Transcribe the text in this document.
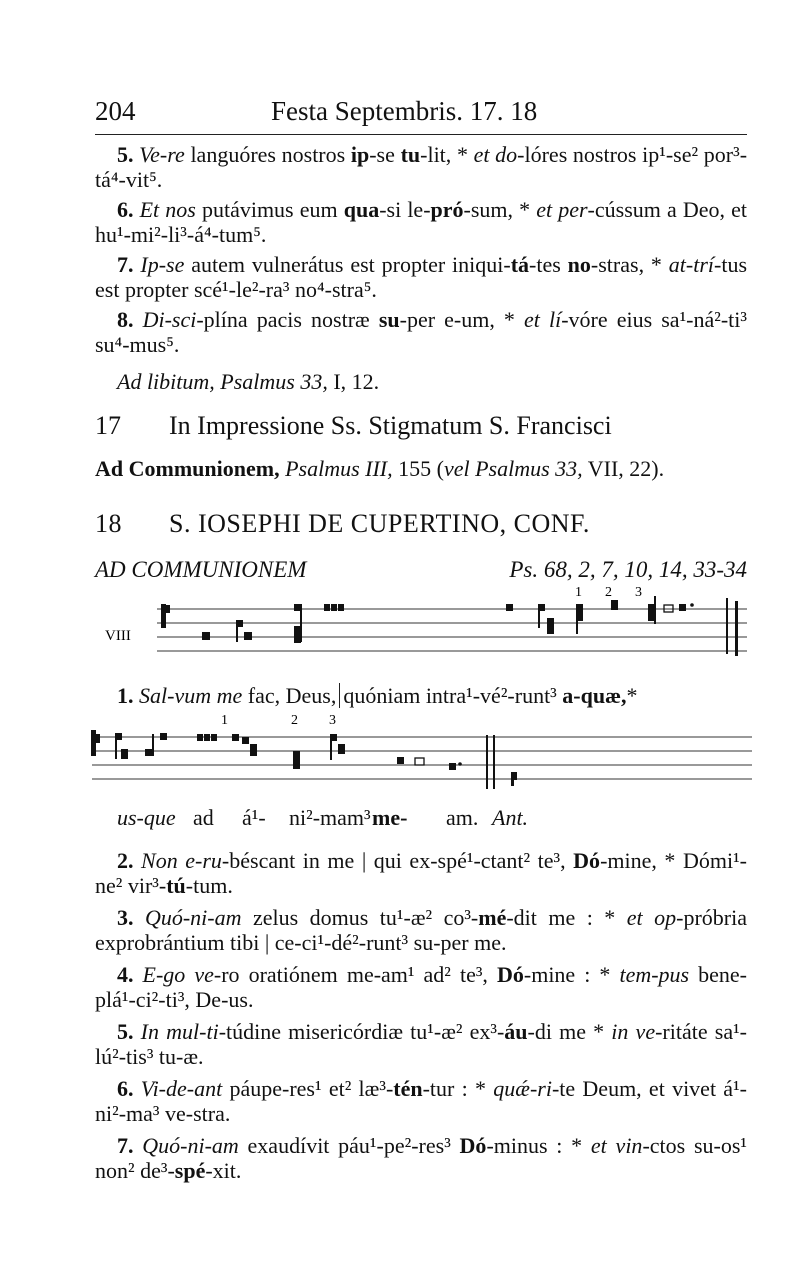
204	Festa Septembris. 17. 18

5. Ve-re languóres nostros ip-se tu-lit, * et do-lóres nostros ip¹-se² por³-tá⁴-vit⁵.

6. Et nos putávimus eum qua-si le-pró-sum, * et per-cússum a Deo, et hu¹-mi²-li³-á⁴-tum⁵.

7. Ip-se autem vulnerátus est propter iniqui-tá-tes no-stras, * at-trí-tus est propter scé¹-le²-ra³ no⁴-stra⁵.

8. Di-sci-plína pacis nostræ su-per e-um, * et lí-vóre eius sa¹-ná²-ti³ su⁴-mus⁵.

Ad libitum, Psalmus 33, I, 12.

17 In Impressione Ss. Stigmatum S. Francisci
Ad Communionem, Psalmus III, 155 (vel Psalmus 33, VII, 22).
18 S. IOSEPHI DE CUPERTINO, CONF.
AD COMMUNIONEM	Ps. 68, 2, 7, 10, 14, 33-34
1 2 3
VIII
1. Sal-vum me fac, Deus, quóniam intra¹-vé²-runt³ a-quæ,*
1	2 3
us-que ad á¹- ni²-mam³ me- am. Ant.

2. Non e-ru-béscant in me | qui ex-spé¹-ctant² te³, Dó-mine, * Dómi¹-ne² vir³-tú-tum.

3. Quó-ni-am zelus domus tu¹-æ² co³-mé-dit me : * et op-próbria exprobrántium tibi | ce-ci¹-dé²-runt³ su-per me.

4. E-go ve-ro oratiónem me-am¹ ad² te³, Dó-mine : * tem-pus bene-plá¹-ci²-ti³, De-us.

5. In mul-ti-túdine misericórdiæ tu¹-æ² ex³-áu-di me * in ve-ritáte sa¹-lú²-tis³ tu-æ.

6. Vi-de-ant páupe-res¹ et² læ³-tén-tur : * quǽ-ri-te Deum, et vivet á¹-ni²-ma³ ve-stra.

7. Quó-ni-am exaudívit páu¹-pe²-res³ Dó-minus : * et vin-ctos su-os¹ non² de³-spé-xit.
